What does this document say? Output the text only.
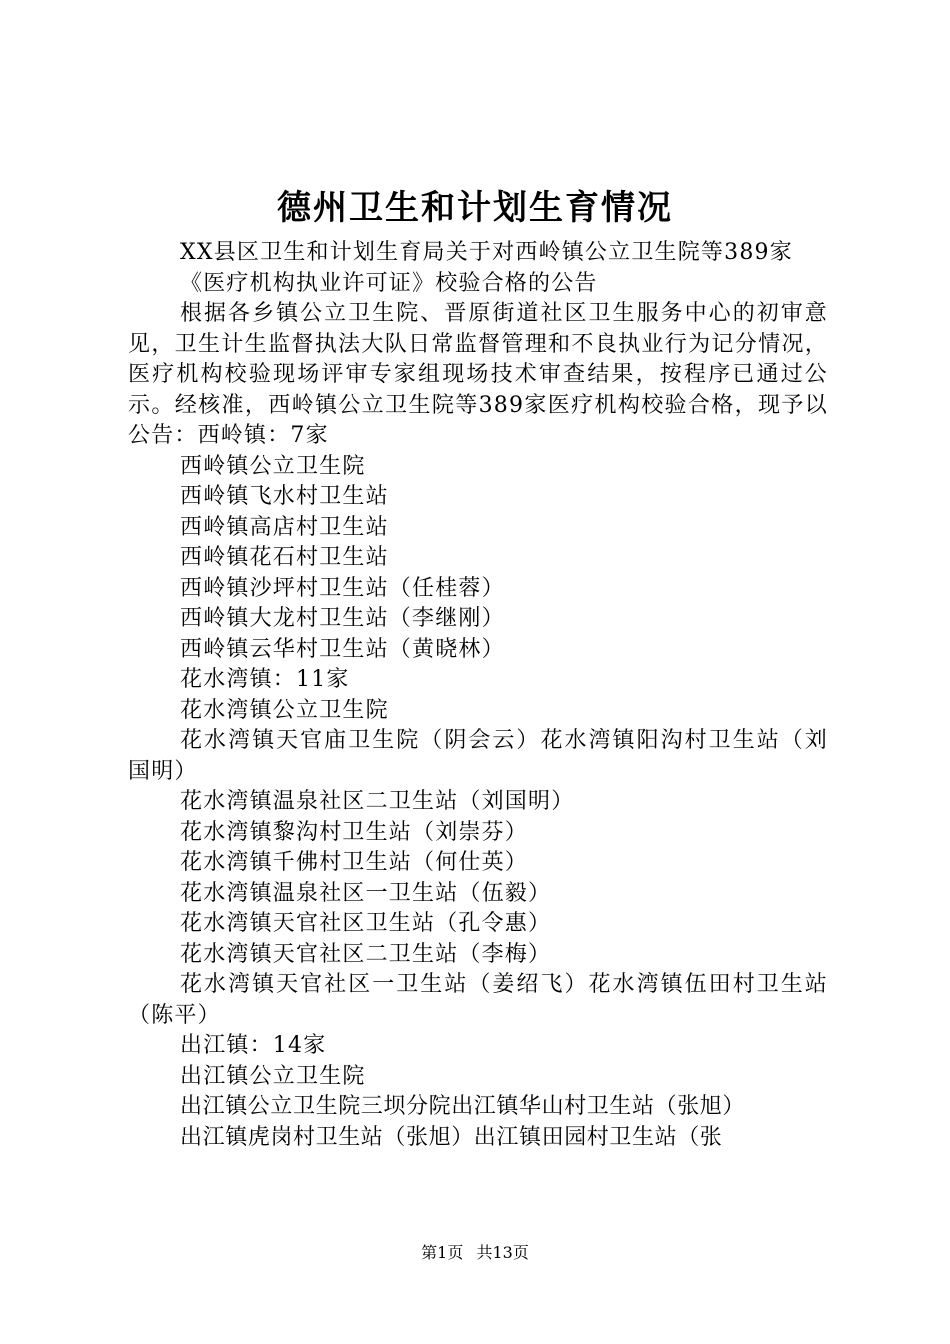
德州卫生和计划生育情况

XX县区卫生和计划生育局关于对西岭镇公立卫生院等389家

《医疗机构执业许可证》校验合格的公告

根据各乡镇公立卫生院、晋原街道社区卫生服务中心的初审意见，卫生计生监督执法大队日常监督管理和不良执业行为记分情况，医疗机构校验现场评审专家组现场技术审查结果，按程序已通过公示。经核准，西岭镇公立卫生院等389家医疗机构校验合格，现予以公告：西岭镇：7家

西岭镇公立卫生院

西岭镇飞水村卫生站

西岭镇高店村卫生站

西岭镇花石村卫生站

西岭镇沙坪村卫生站（任桂蓉）

西岭镇大龙村卫生站（李继刚）

西岭镇云华村卫生站（黄晓林）

花水湾镇：11家

花水湾镇公立卫生院

花水湾镇天官庙卫生院（阴会云）花水湾镇阳沟村卫生站（刘国明）

花水湾镇温泉社区二卫生站（刘国明）

花水湾镇黎沟村卫生站（刘崇芬）

花水湾镇千佛村卫生站（何仕英）

花水湾镇温泉社区一卫生站（伍毅）

花水湾镇天官社区卫生站（孔令惠）

花水湾镇天官社区二卫生站（李梅）

花水湾镇天官社区一卫生站（姜绍飞）花水湾镇伍田村卫生站（陈平）

出江镇：14家

出江镇公立卫生院

出江镇公立卫生院三坝分院出江镇华山村卫生站（张旭）

出江镇虎岗村卫生站（张旭）出江镇田园村卫生站（张

第1页 共13页
